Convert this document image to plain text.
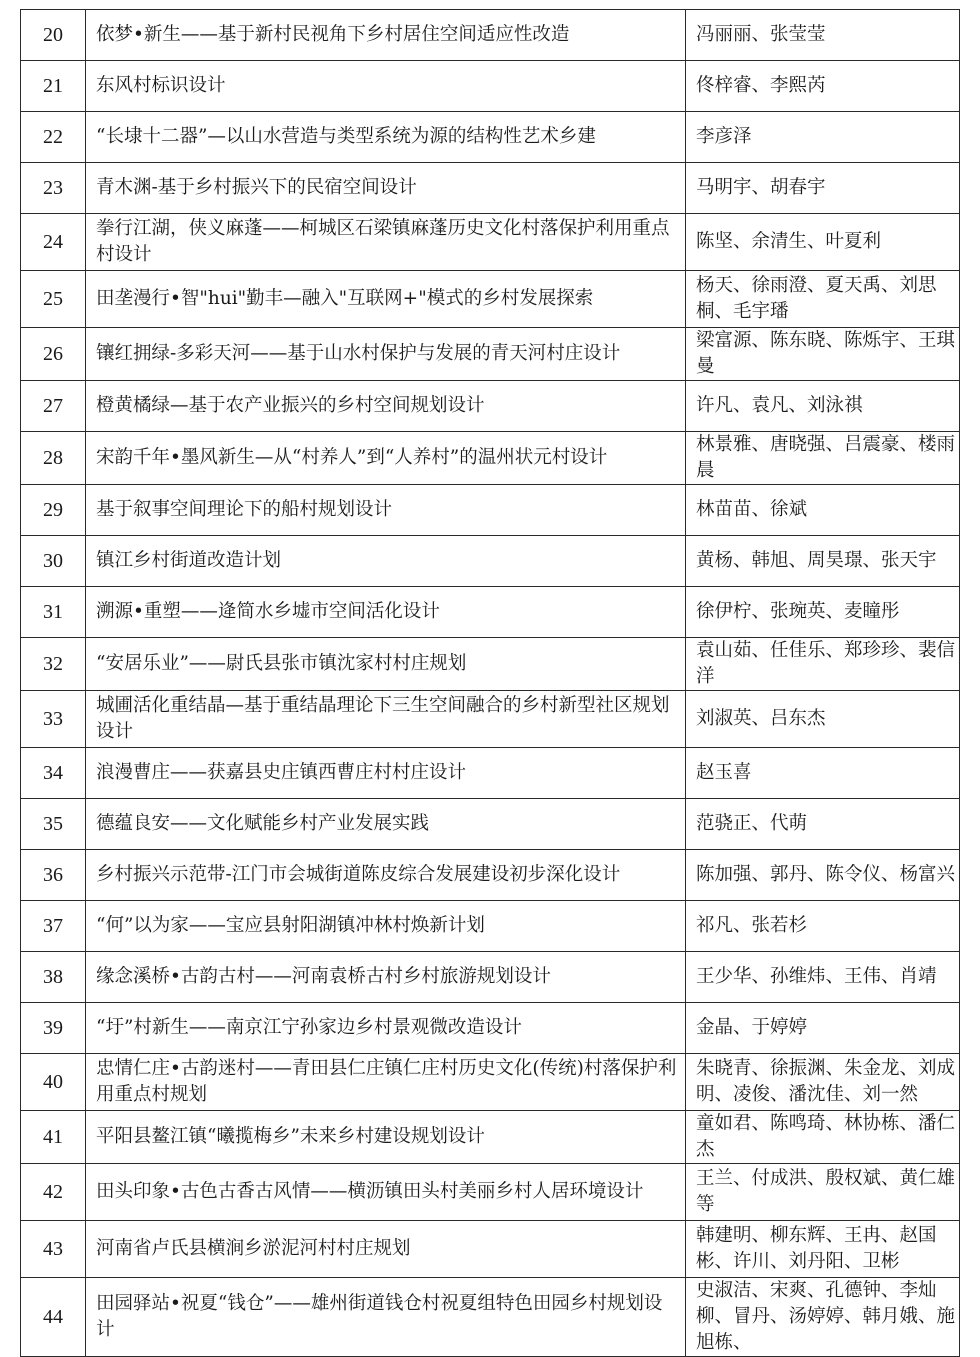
20	依梦•新生——基于新村民视角下乡村居住空间适应性改造	冯丽丽、张莹莹
21	东风村标识设计	佟梓睿、李熙芮
22	“长埭十二器”—以山水营造与类型系统为源的结构性艺术乡建	李彦泽
23	青木渊-基于乡村振兴下的民宿空间设计	马明宇、胡春宇
24	拳行江湖，侠义麻蓬——柯城区石梁镇麻蓬历史文化村落保护利用重点村设计	陈坚、余清生、叶夏利
25	田垄漫行•智"hui"勤丰—融入"互联网+"模式的乡村发展探索	杨天、徐雨澄、夏天禹、刘思桐、毛宇璠
26	镶红拥绿-多彩天河——基于山水村保护与发展的青天河村庄设计	梁富源、陈东晓、陈烁宇、王琪曼
27	橙黄橘绿—基于农产业振兴的乡村空间规划设计	许凡、袁凡、刘泳祺
28	宋韵千年•墨风新生—从“村养人”到“人养村”的温州状元村设计	林景雅、唐晓强、吕震豪、楼雨晨
29	基于叙事空间理论下的船村规划设计	林苗苗、徐斌
30	镇江乡村街道改造计划	黄杨、韩旭、周昊璟、张天宇
31	溯源•重塑——逄简水乡墟市空间活化设计	徐伊柠、张琬英、麦瞳彤
32	“安居乐业”——尉氏县张市镇沈家村村庄规划	袁山茹、任佳乐、郑珍珍、裴信洋
33	城圃活化重结晶—基于重结晶理论下三生空间融合的乡村新型社区规划设计	刘淑英、吕东杰
34	浪漫曹庄——获嘉县史庄镇西曹庄村村庄设计	赵玉喜
35	德蕴良安——文化赋能乡村产业发展实践	范骁正、代萌
36	乡村振兴示范带-江门市会城街道陈皮综合发展建设初步深化设计	陈加强、郭丹、陈令仪、杨富兴
37	“何”以为家——宝应县射阳湖镇冲林村焕新计划	祁凡、张若杉
38	缘念溪桥•古韵古村——河南袁桥古村乡村旅游规划设计	王少华、孙维炜、王伟、肖靖
39	“圩”村新生——南京江宁孙家边乡村景观微改造设计	金晶、于婷婷
40	忠情仁庄•古韵迷村——青田县仁庄镇仁庄村历史文化(传统)村落保护利用重点村规划	朱晓青、徐振渊、朱金龙、刘成明、凌俊、潘沈佳、刘一然
41	平阳县鳌江镇“曦揽梅乡”未来乡村建设规划设计	童如君、陈鸣琦、林协栋、潘仁杰
42	田头印象•古色古香古风情——横沥镇田头村美丽乡村人居环境设计	王兰、付成洪、殷权斌、黄仁雄等
43	河南省卢氏县横涧乡淤泥河村村庄规划	韩建明、柳东辉、王冉、赵国彬、许川、刘丹阳、卫彬
44	田园驿站•祝夏“钱仓”——雄州街道钱仓村祝夏组特色田园乡村规划设计	史淑洁、宋爽、孔德钟、李灿柳、冒丹、汤婷婷、韩月娥、施旭栋、
